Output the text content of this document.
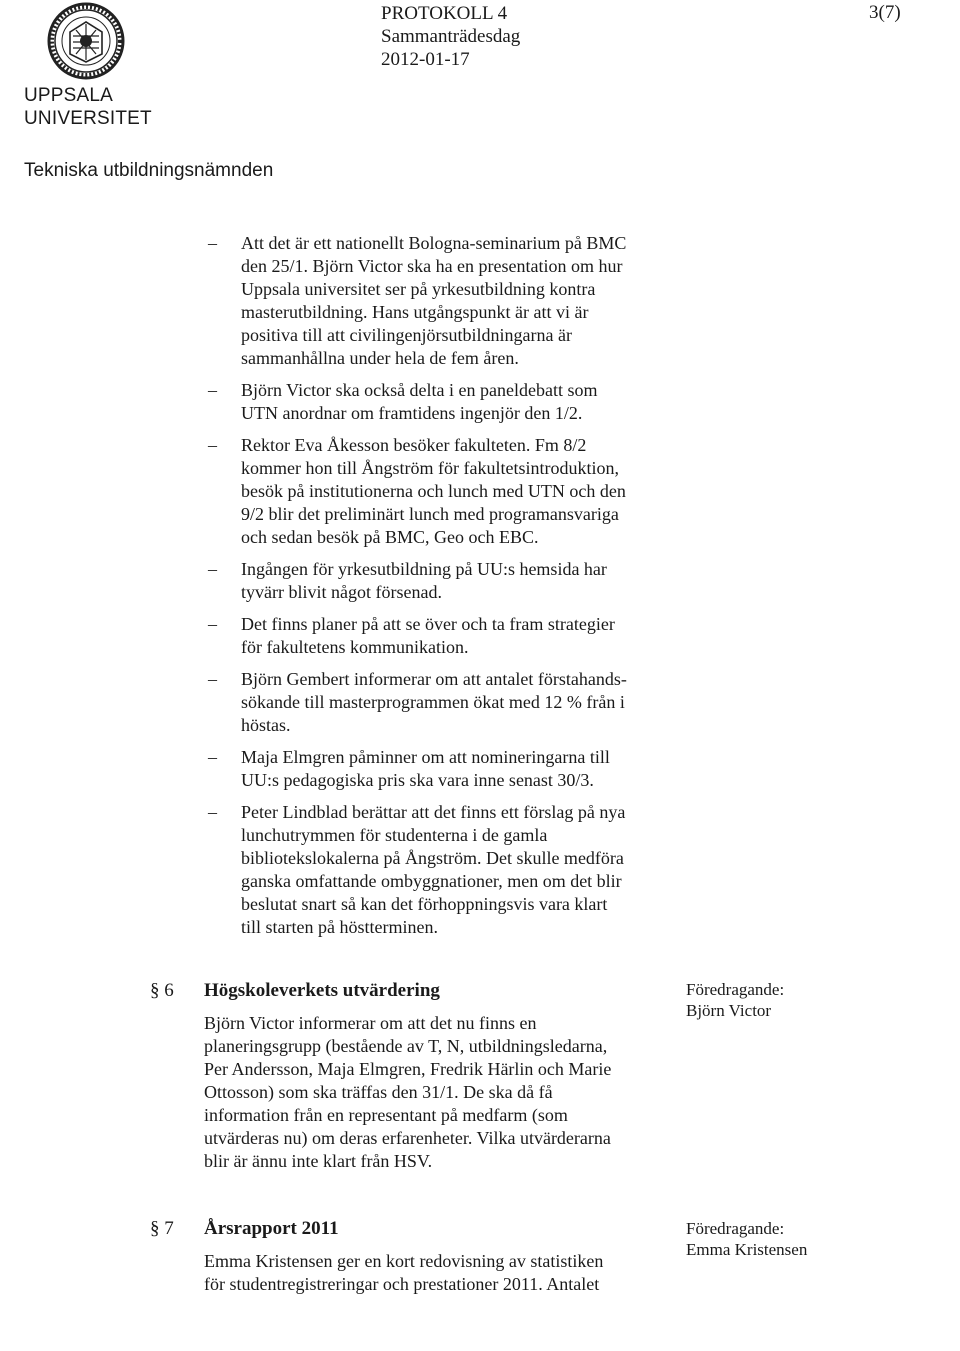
UPPSALA
UNIVERSITET
Tekniska utbildningsnämnden
PROTOKOLL 4
Sammanträdesdag
2012-01-17
3(7)
–	Att det är ett nationellt Bologna-seminarium på BMC
den 25/1. Björn Victor ska ha en presentation om hur
Uppsala universitet ser på yrkesutbildning kontra
masterutbildning. Hans utgångspunkt är att vi är
positiva till att civilingenjörsutbildningarna är
sammanhållna under hela de fem åren.
–	Björn Victor ska också delta i en paneldebatt som
UTN anordnar om framtidens ingenjör den 1/2.
–	Rektor Eva Åkesson besöker fakulteten. Fm 8/2
kommer hon till Ångström för fakultetsintroduktion,
besök på institutionerna och lunch med UTN och den
9/2 blir det preliminärt lunch med programansvariga
och sedan besök på BMC, Geo och EBC.
–	Ingången för yrkesutbildning på UU:s hemsida har
tyvärr blivit något försenad.
–	Det finns planer på att se över och ta fram strategier
för fakultetens kommunikation.
–	Björn Gembert informerar om att antalet förstahands-
sökande till masterprogrammen ökat med 12 % från i
höstas.
–	Maja Elmgren påminner om att nomineringarna till
UU:s pedagogiska pris ska vara inne senast 30/3.
–	Peter Lindblad berättar att det finns ett förslag på nya
lunchutrymmen för studenterna i de gamla
bibliotekslokalerna på Ångström. Det skulle medföra
ganska omfattande ombyggnationer, men om det blir
beslutat snart så kan det förhoppningsvis vara klart
till starten på höstterminen.
§ 6 Högskoleverkets utvärdering
Björn Victor informerar om att det nu finns en
planeringsgrupp (bestående av T, N, utbildningsledarna,
Per Andersson, Maja Elmgren, Fredrik Härlin och Marie
Ottosson) som ska träffas den 31/1. De ska då få
information från en representant på medfarm (som
utvärderas nu) om deras erfarenheter. Vilka utvärderarna
blir är ännu inte klart från HSV.
Föredragande:
Björn Victor
§ 7 Årsrapport 2011
Emma Kristensen ger en kort redovisning av statistiken
för studentregistreringar och prestationer 2011. Antalet
Föredragande:
Emma Kristensen
